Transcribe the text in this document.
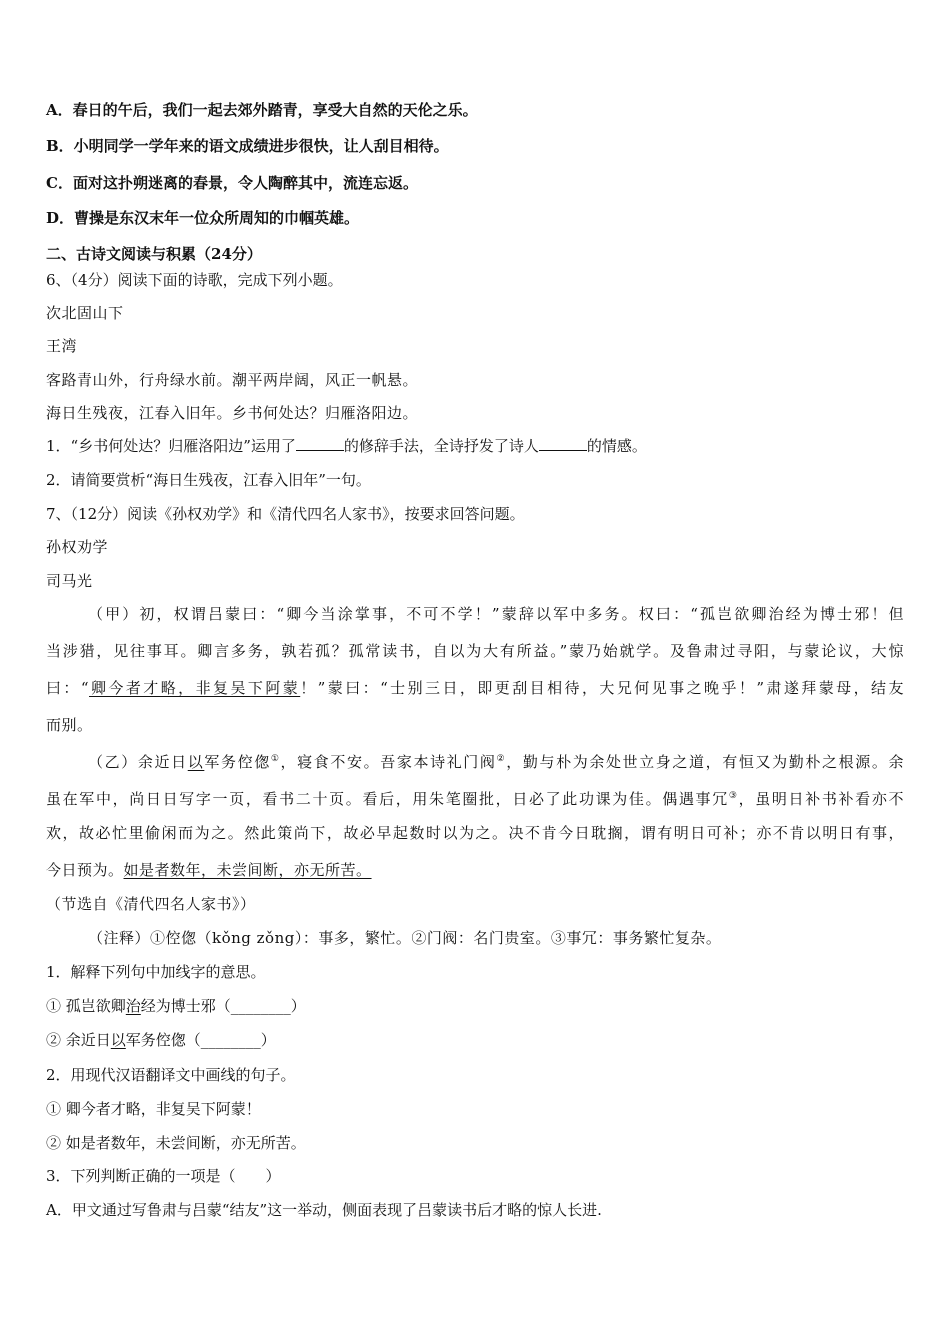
A．春日的午后，我们一起去郊外踏青，享受大自然的天伦之乐。
B．小明同学一学年来的语文成绩进步很快，让人刮目相待。
C．面对这扑朔迷离的春景，令人陶醉其中，流连忘返。
D．曹操是东汉末年一位众所周知的巾帼英雄。
二、古诗文阅读与积累（24分）
6、（4分）阅读下面的诗歌，完成下列小题。
次北固山下
王湾
客路青山外，行舟绿水前。潮平两岸阔，风正一帆悬。
海日生残夜，江春入旧年。乡书何处达？归雁洛阳边。
1．“乡书何处达？归雁洛阳边”运用了	的修辞手法，全诗抒发了诗人	的情感。
2．请简要赏析“海日生残夜，江春入旧年”一句。
7、（12分）阅读《孙权劝学》和《清代四名人家书》，按要求回答问题。
孙权劝学
司马光
（甲）初，权谓吕蒙曰：“卿今当涂掌事，不可不学！”蒙辞以军中多务。权曰：“孤岂欲卿治经为博士邪！但
当涉猎，见往事耳。卿言多务，孰若孤？孤常读书，自以为大有所益。”蒙乃始就学。及鲁肃过寻阳，与蒙论议，大惊
曰：“卿今者才略，非复吴下阿蒙！”蒙曰：“士别三日，即更刮目相待，大兄何见事之晚乎！”肃遂拜蒙母，结友
而别。
（乙）余近日以军务倥偬①，寝食不安。吾家本诗礼门阀②，勤与朴为余处世立身之道，有恒又为勤朴之根源。余
虽在军中，尚日日写字一页，看书二十页。看后，用朱笔圈批，日必了此功课为佳。偶遇事冗③，虽明日补书补看亦不
欢，故必忙里偷闲而为之。然此策尚下，故必早起数时以为之。决不肯今日耽搁，谓有明日可补；亦不肯以明日有事，
今日预为。如是者数年，未尝间断，亦无所苦。
（节选自《清代四名人家书》）
（注释）①倥偬（kǒng zǒng）：事多，繁忙。②门阀：名门贵室。③事冗：事务繁忙复杂。
1．解释下列句中加线字的意思。
① 孤岂欲卿治经为博士邪（________）
② 余近日以军务倥偬（________）
2．用现代汉语翻译文中画线的句子。
① 卿今者才略，非复吴下阿蒙！
② 如是者数年，未尝间断，亦无所苦。
3．下列判断正确的一项是（　　）
A．甲文通过写鲁肃与吕蒙“结友”这一举动，侧面表现了吕蒙读书后才略的惊人长进.
